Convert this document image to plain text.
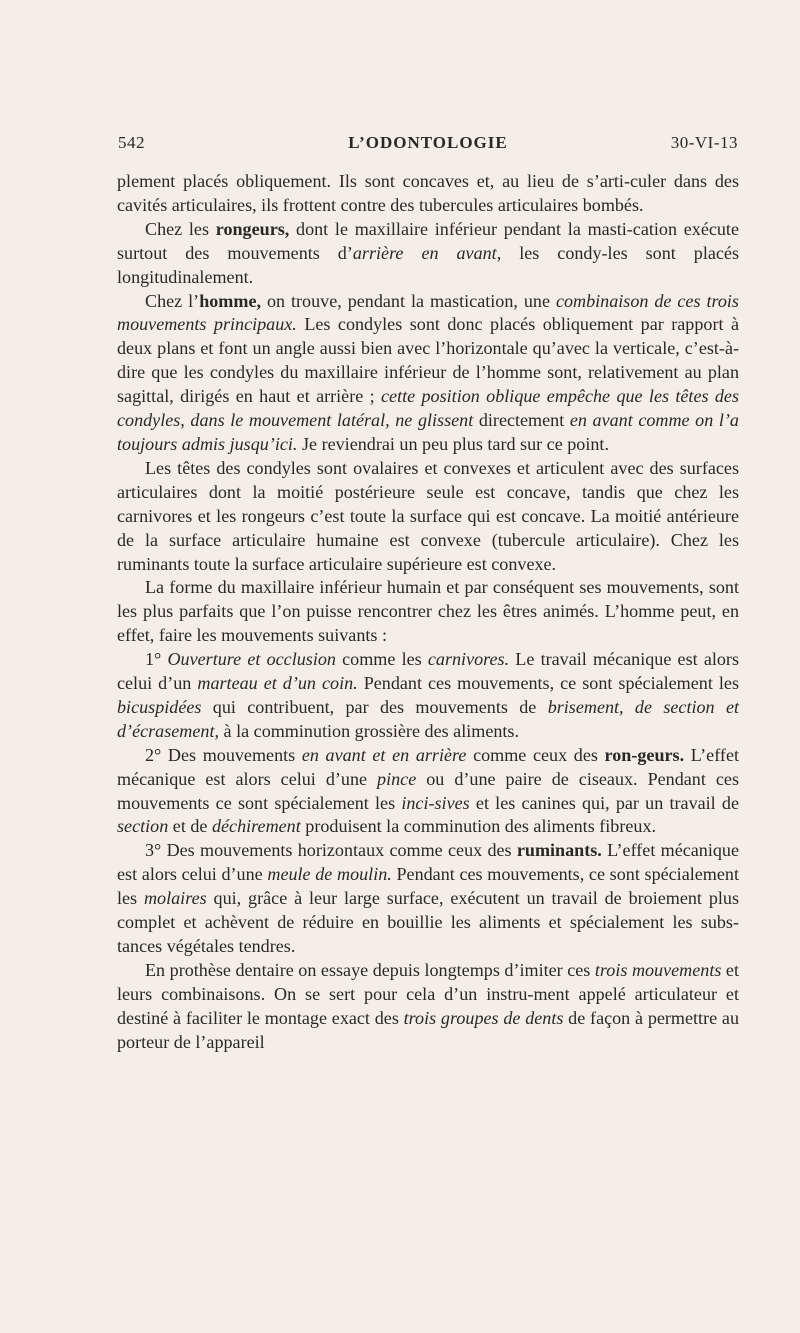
542	L’ODONTOLOGIE	30-VI-13

plement placés obliquement. Ils sont concaves et, au lieu de s’arti-culer dans des cavités articulaires, ils frottent contre des tubercules articulaires bombés.

Chez les rongeurs, dont le maxillaire inférieur pendant la masti-cation exécute surtout des mouvements d’arrière en avant, les condy-les sont placés longitudinalement.

Chez l’homme, on trouve, pendant la mastication, une combinaison de ces trois mouvements principaux. Les condyles sont donc placés obliquement par rapport à deux plans et font un angle aussi bien avec l’horizontale qu’avec la verticale, c’est-à-dire que les condyles du maxillaire inférieur de l’homme sont, relativement au plan sagittal, dirigés en haut et arrière ; cette position oblique empêche que les têtes des condyles, dans le mouvement latéral, ne glissent directement en avant comme on l’a toujours admis jusqu’ici. Je reviendrai un peu plus tard sur ce point.

Les têtes des condyles sont ovalaires et convexes et articulent avec des surfaces articulaires dont la moitié postérieure seule est concave, tandis que chez les carnivores et les rongeurs c’est toute la surface qui est concave. La moitié antérieure de la surface articulaire humaine est convexe (tubercule articulaire). Chez les ruminants toute la surface articulaire supérieure est convexe.

La forme du maxillaire inférieur humain et par conséquent ses mouvements, sont les plus parfaits que l’on puisse rencontrer chez les êtres animés. L’homme peut, en effet, faire les mouvements suivants :

1° Ouverture et occlusion comme les carnivores. Le travail mécanique est alors celui d’un marteau et d’un coin. Pendant ces mouvements, ce sont spécialement les bicuspidées qui contribuent, par des mouvements de brisement, de section et d’écrasement, à la comminution grossière des aliments.

2° Des mouvements en avant et en arrière comme ceux des ron-geurs. L’effet mécanique est alors celui d’une pince ou d’une paire de ciseaux. Pendant ces mouvements ce sont spécialement les inci-sives et les canines qui, par un travail de section et de déchirement produisent la comminution des aliments fibreux.

3° Des mouvements horizontaux comme ceux des ruminants. L’effet mécanique est alors celui d’une meule de moulin. Pendant ces mouvements, ce sont spécialement les molaires qui, grâce à leur large surface, exécutent un travail de broiement plus complet et achèvent de réduire en bouillie les aliments et spécialement les subs-tances végétales tendres.

En prothèse dentaire on essaye depuis longtemps d’imiter ces trois mouvements et leurs combinaisons. On se sert pour cela d’un instru-ment appelé articulateur et destiné à faciliter le montage exact des trois groupes de dents de façon à permettre au porteur de l’appareil
